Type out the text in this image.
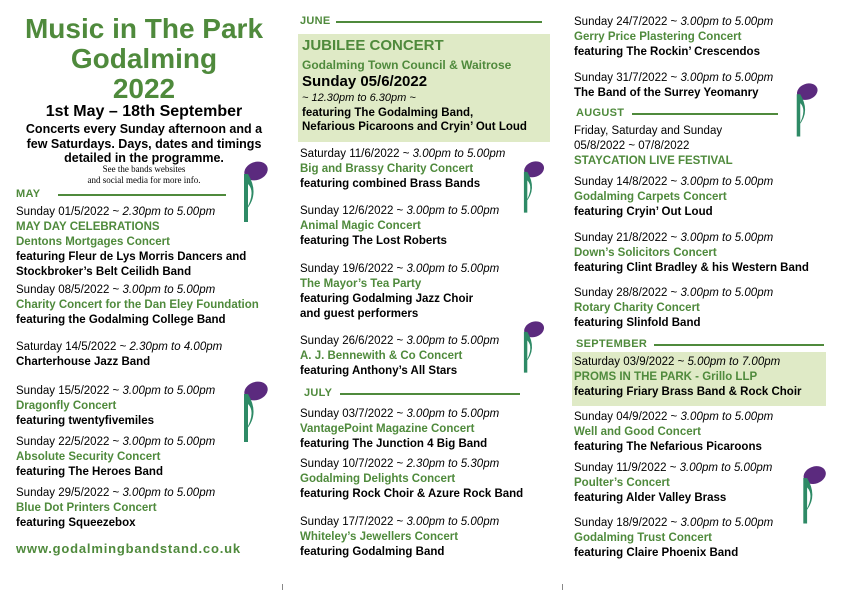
Music in The Park
Godalming
2022
1st May – 18th September
Concerts every Sunday afternoon and a
few Saturdays. Days, dates and timings
detailed in the programme.
See the bands websites
and social media for more info.
MAY
Sunday 01/5/2022 ~ 2.30pm to 5.00pm
MAY DAY CELEBRATIONS
Dentons Mortgages Concert
featuring Fleur de Lys Morris Dancers and
Stockbroker’s Belt Ceilidh Band
Sunday 08/5/2022 ~ 3.00pm to 5.00pm
Charity Concert for the Dan Eley Foundation
featuring the Godalming College Band
Saturday 14/5/2022 ~ 2.30pm to 4.00pm
Charterhouse Jazz Band
Sunday 15/5/2022 ~ 3.00pm to 5.00pm
Dragonfly Concert
featuring twentyfivemiles
Sunday 22/5/2022 ~ 3.00pm to 5.00pm
Absolute Security Concert
featuring The Heroes Band
Sunday 29/5/2022 ~ 3.00pm to 5.00pm
Blue Dot Printers Concert
featuring Squeezebox
www.godalmingbandstand.co.uk
JUNE
JUBILEE CONCERT
Godalming Town Council & Waitrose
Sunday 05/6/2022
~ 12.30pm to 6.30pm ~
featuring The Godalming Band,
Nefarious Picaroons and Cryin’ Out Loud
Saturday 11/6/2022 ~ 3.00pm to 5.00pm
Big and Brassy Charity Concert
featuring combined Brass Bands
Sunday 12/6/2022 ~ 3.00pm to 5.00pm
Animal Magic Concert
featuring The Lost Roberts
Sunday 19/6/2022 ~ 3.00pm to 5.00pm
The Mayor’s Tea Party
featuring Godalming Jazz Choir
and guest performers
Sunday 26/6/2022 ~ 3.00pm to 5.00pm
A. J. Bennewith & Co Concert
featuring Anthony’s All Stars
JULY
Sunday 03/7/2022 ~ 3.00pm to 5.00pm
VantagePoint Magazine Concert
featuring The Junction 4 Big Band
Sunday 10/7/2022 ~ 2.30pm to 5.30pm
Godalming Delights Concert
featuring Rock Choir & Azure Rock Band
Sunday 17/7/2022 ~ 3.00pm to 5.00pm
Whiteley’s Jewellers Concert
featuring Godalming Band
Sunday 24/7/2022 ~ 3.00pm to 5.00pm
Gerry Price Plastering Concert
featuring The Rockin’ Crescendos
Sunday 31/7/2022 ~ 3.00pm to 5.00pm
The Band of the Surrey Yeomanry
AUGUST
Friday, Saturday and Sunday
05/8/2022 ~ 07/8/2022
STAYCATION LIVE FESTIVAL
Sunday 14/8/2022 ~ 3.00pm to 5.00pm
Godalming Carpets Concert
featuring Cryin’ Out Loud
Sunday 21/8/2022 ~ 3.00pm to 5.00pm
Down’s Solicitors Concert
featuring Clint Bradley & his Western Band
Sunday 28/8/2022 ~ 3.00pm to 5.00pm
Rotary Charity Concert
featuring Slinfold Band
SEPTEMBER
Saturday 03/9/2022 ~ 5.00pm to 7.00pm
PROMS IN THE PARK - Grillo LLP
featuring Friary Brass Band & Rock Choir
Sunday 04/9/2022 ~ 3.00pm to 5.00pm
Well and Good Concert
featuring The Nefarious Picaroons
Sunday 11/9/2022 ~ 3.00pm to 5.00pm
Poulter’s Concert
featuring Alder Valley Brass
Sunday 18/9/2022 ~ 3.00pm to 5.00pm
Godalming Trust Concert
featuring Claire Phoenix Band
